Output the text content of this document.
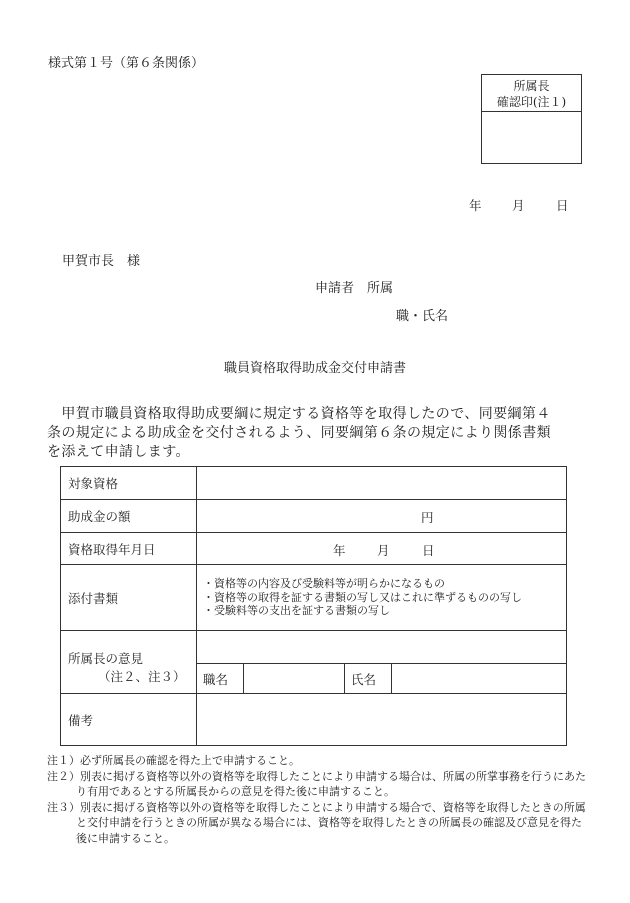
様式第１号（第６条関係）
所属長
確認印(注１)
年 月	日
甲賀市長　様
申請者　所属
職・氏名
職員資格取得助成金交付申請書

　甲賀市職員資格取得助成要綱に規定する資格等を取得したので、同要綱第４

条の規定による助成金を交付されるよう、同要綱第６条の規定により関係書類

を添えて申請します。

対象資格	
助成金の額	円

資格取得年月日	年	月	日

添付書類	
・資格等の内容及び受験料等が明らかになるもの
・資格等の取得を証する書類の写し又はこれに準ずるものの写し
・受験料等の支出を証する書類の写し

所属長の意見
（注２、注３）
		職名		氏名	

備考	
注１）必ず所属長の確認を得た上で申請すること。
注２）別表に掲げる資格等以外の資格等を取得したことにより申請する場合は、所属の所掌事務を行うにあたり有用であるとする所属長からの意見を得た後に申請すること。
注３）別表に掲げる資格等以外の資格等を取得したことにより申請する場合で、資格等を取得したときの所属と交付申請を行うときの所属が異なる場合には、資格等を取得したときの所属長の確認及び意見を得た後に申請すること。
